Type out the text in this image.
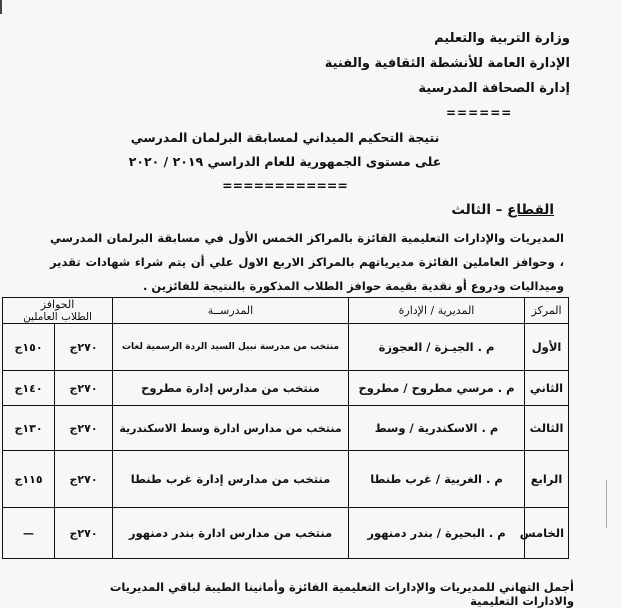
وزارة التربية والتعليم
الإدارة العامة للأنشطة الثقافية والفنية
إدارة الصحافة المدرسية
======
نتيجة التحكيم الميداني لمسابقة البرلمان المدرسي
على مستوى الجمهورية للعام الدراسي ٢٠١٩ / ٢٠٢٠
============
القطاع – الثالث
المديريات والإدارات التعليمية الفائزة بالمراكز الخمس الأول في مسابقة البرلمان المدرسي ، وحوافز العاملين الفائزة مديرياتهم بالمراكز الاربع الاول علي أن يتم شراء شهادات تقدير وميداليات ودروع أو نقدية بقيمة حوافز الطلاب المذكورة بالنتيجة للفائزين .
المركز	المديرية / الإدارة	المدرســة	الحوافز
الطلاب العاملين	

الأول	م . الجيـزة / العجوزة	منتخب من مدرسة نبيل السيد الردة الرسمية لغات	٢٧٠ج	١٥٠ج
الثاني	م . مرسي مطروح / مطروح	منتخب من مدارس إدارة مطروح	٢٧٠ج	١٤٠ج
الثالث	م . الاسكندرية / وسط	منتخب من مدارس ادارة وسط الاسكندرية	٢٧٠ج	١٣٠ج
الرابع	م . الغربية / غرب طنطا	منتخب من مدارس إدارة غرب طنطا	٢٧٠ج	١١٥ج
الخامس	م . البحيرة / بندر دمنهور	منتخب من مدارس ادارة بندر دمنهور	٢٧٠ج	—
أجمل التهاني للمديريات والإدارات التعليمية الفائزة وأمانينا الطيبة لباقي المديريات والادارات التعليمية
